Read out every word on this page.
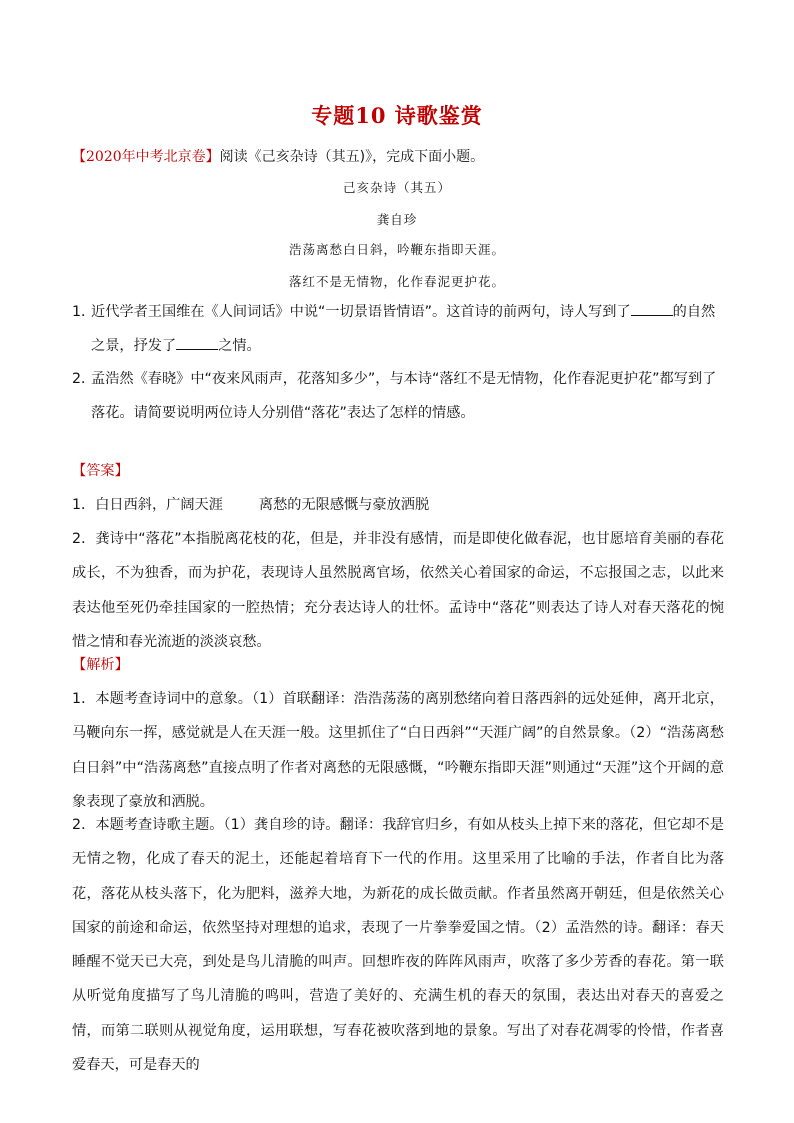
专题10 诗歌鉴赏
【2020年中考北京卷】阅读《己亥杂诗（其五)》，完成下面小题。
己亥杂诗（其五）
龚自珍
浩荡离愁白日斜，吟鞭东指即天涯。
落红不是无情物，化作春泥更护花。
1．
近代学者王国维在《人间词话》中说“一切景语皆情语”。这首诗的前两句，诗人写到了	的自然之景，抒发了	之情。
2．
孟浩然《春晓》中“夜来风雨声，花落知多少”，与本诗“落红不是无情物，化作春泥更护花”都写到了落花。请简要说明两位诗人分别借“落花”表达了怎样的情感。
【答案】
1．白日西斜，广阔天涯	离愁的无限感慨与豪放洒脱
2．龚诗中“落花”本指脱离花枝的花，但是，并非没有感情，而是即使化做春泥，也甘愿培育美丽的春花成长，不为独香，而为护花，表现诗人虽然脱离官场，依然关心着国家的命运，不忘报国之志，以此来表达他至死仍牵挂国家的一腔热情；充分表达诗人的壮怀。孟诗中“落花”则表达了诗人对春天落花的惋惜之情和春光流逝的淡淡哀愁。
【解析】
1．本题考查诗词中的意象。（1）首联翻译：浩浩荡荡的离别愁绪向着日落西斜的远处延伸，离开北京，马鞭向东一挥，感觉就是人在天涯一般。这里抓住了“白日西斜”“天涯广阔”的自然景象。（2）“浩荡离愁白日斜”中“浩荡离愁”直接点明了作者对离愁的无限感慨，“吟鞭东指即天涯”则通过“天涯”这个开阔的意象表现了豪放和洒脱。
2．本题考查诗歌主题。（1）龚自珍的诗。翻译：我辞官归乡，有如从枝头上掉下来的落花，但它却不是无情之物，化成了春天的泥土，还能起着培育下一代的作用。这里采用了比喻的手法，作者自比为落花，落花从枝头落下，化为肥料，滋养大地，为新花的成长做贡献。作者虽然离开朝廷，但是依然关心国家的前途和命运，依然坚持对理想的追求，表现了一片拳拳爱国之情。（2）孟浩然的诗。翻译：春天睡醒不觉天已大亮，到处是鸟儿清脆的叫声。回想昨夜的阵阵风雨声，吹落了多少芳香的春花。第一联从听觉角度描写了鸟儿清脆的鸣叫，营造了美好的、充满生机的春天的氛围，表达出对春天的喜爱之情，而第二联则从视觉角度，运用联想，写春花被吹落到地的景象。写出了对春花凋零的怜惜，作者喜爱春天，可是春天的
